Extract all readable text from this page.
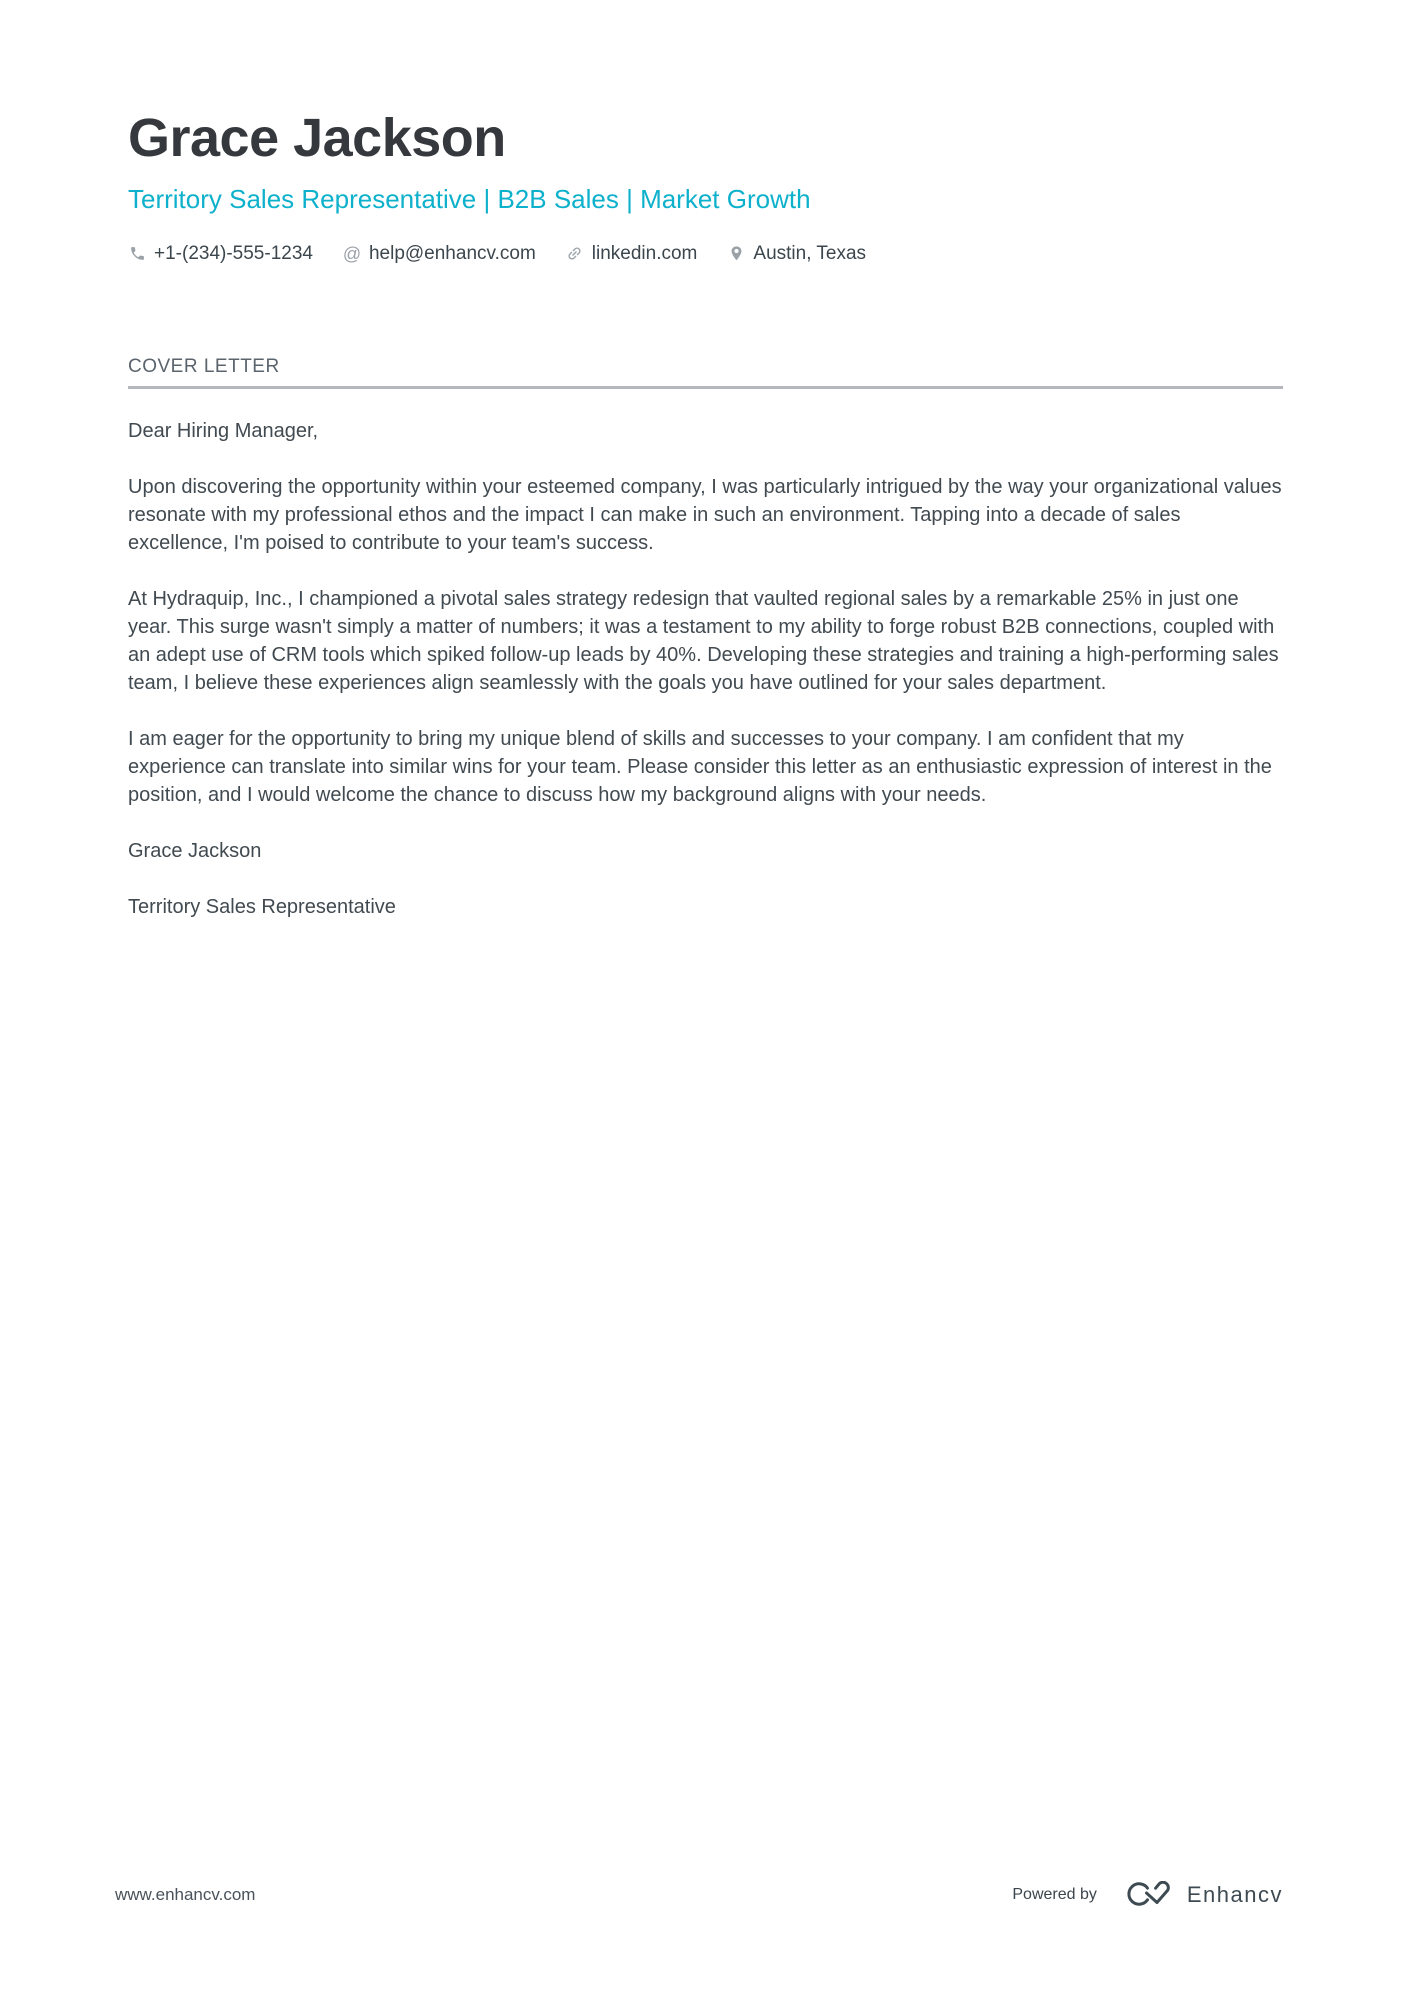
Grace Jackson
Territory Sales Representative | B2B Sales | Market Growth
+1-(234)-555-1234 @ help@enhancv.com	linkedin.com	Austin, Texas
COVER LETTER

Dear Hiring Manager,

Upon discovering the opportunity within your esteemed company, I was particularly intrigued by the way your organizational values resonate with my professional ethos and the impact I can make in such an environment. Tapping into a decade of sales excellence, I'm poised to contribute to your team's success.

At Hydraquip, Inc., I championed a pivotal sales strategy redesign that vaulted regional sales by a remarkable 25% in just one year. This surge wasn't simply a matter of numbers; it was a testament to my ability to forge robust B2B connections, coupled with an adept use of CRM tools which spiked follow-up leads by 40%. Developing these strategies and training a high-performing sales team, I believe these experiences align seamlessly with the goals you have outlined for your sales department.

I am eager for the opportunity to bring my unique blend of skills and successes to your company. I am confident that my experience can translate into similar wins for your team. Please consider this letter as an enthusiastic expression of interest in the position, and I would welcome the chance to discuss how my background aligns with your needs.

Grace Jackson

Territory Sales Representative

www.enhancv.com	Powered by	Enhancv
